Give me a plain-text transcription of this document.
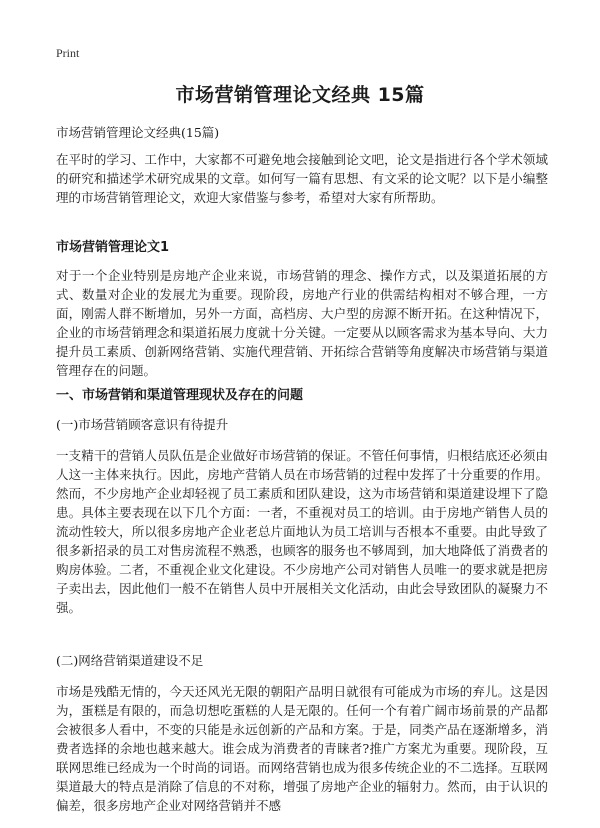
Print
市场营销管理论文经典 15篇
市场营销管理论文经典(15篇)
在平时的学习、工作中，大家都不可避免地会接触到论文吧，论文是指进行各个学术领域的研究和描述学术研究成果的文章。如何写一篇有思想、有文采的论文呢？以下是小编整理的市场营销管理论文，欢迎大家借鉴与参考，希望对大家有所帮助。
市场营销管理论文1
对于一个企业特别是房地产企业来说，市场营销的理念、操作方式，以及渠道拓展的方式、数量对企业的发展尤为重要。现阶段，房地产行业的供需结构相对不够合理，一方面，刚需人群不断增加，另外一方面，高档房、大户型的房源不断开拓。在这种情况下，企业的市场营销理念和渠道拓展力度就十分关键。一定要从以顾客需求为基本导向、大力提升员工素质、创新网络营销、实施代理营销、开拓综合营销等角度解决市场营销与渠道管理存在的问题。
一、市场营销和渠道管理现状及存在的问题
(一)市场营销顾客意识有待提升
一支精干的营销人员队伍是企业做好市场营销的保证。不管任何事情，归根结底还必须由人这一主体来执行。因此，房地产营销人员在市场营销的过程中发挥了十分重要的作用。然而，不少房地产企业却轻视了员工素质和团队建设，这为市场营销和渠道建设埋下了隐患。具体主要表现在以下几个方面：一者，不重视对员工的培训。由于房地产销售人员的流动性较大，所以很多房地产企业老总片面地认为员工培训与否根本不重要。由此导致了很多新招录的员工对售房流程不熟悉，也顾客的服务也不够周到，加大地降低了消费者的购房体验。二者，不重视企业文化建设。不少房地产公司对销售人员唯一的要求就是把房子卖出去，因此他们一般不在销售人员中开展相关文化活动，由此会导致团队的凝聚力不强。
(二)网络营销渠道建设不足
市场是残酷无情的，今天还风光无限的朝阳产品明日就很有可能成为市场的弃儿。这是因为，蛋糕是有限的，而急切想吃蛋糕的人是无限的。任何一个有着广阔市场前景的产品都会被很多人看中，不变的只能是永远创新的产品和方案。于是，同类产品在逐渐增多，消费者选择的余地也越来越大。谁会成为消费者的青睐者?推广方案尤为重要。现阶段，互联网思维已经成为一个时尚的词语。而网络营销也成为很多传统企业的不二选择。互联网渠道最大的特点是消除了信息的不对称，增强了房地产企业的辐射力。然而，由于认识的偏差，很多房地产企业对网络营销并不感
